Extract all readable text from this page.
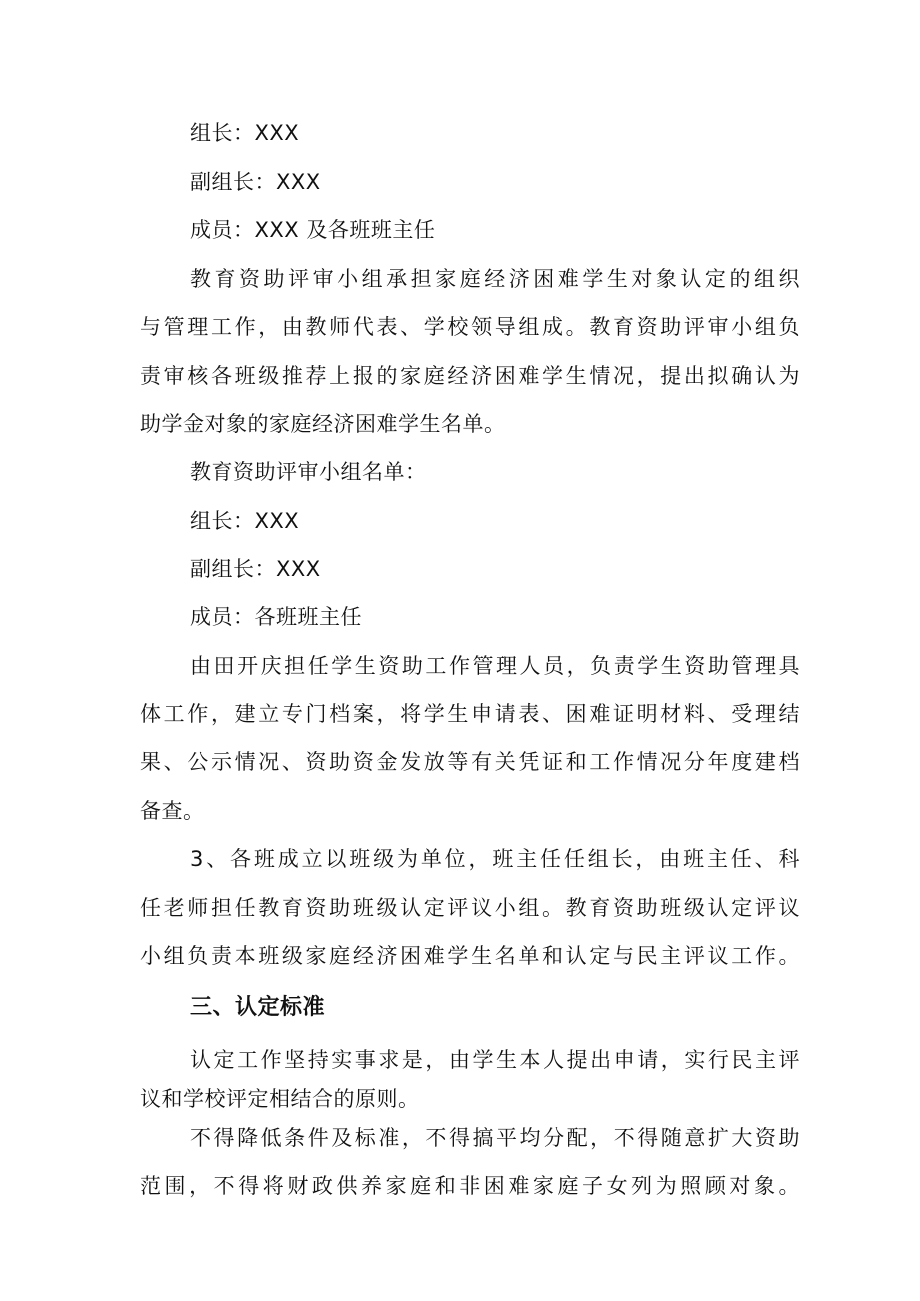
组长：XXX
副组长：XXX
成员：XXX 及各班班主任
教育资助评审小组承担家庭经济困难学生对象认定的组织
与管理工作，由教师代表、学校领导组成。教育资助评审小组负
责审核各班级推荐上报的家庭经济困难学生情况，提出拟确认为
助学金对象的家庭经济困难学生名单。
教育资助评审小组名单：
组长：XXX
副组长：XXX
成员：各班班主任
由田开庆担任学生资助工作管理人员，负责学生资助管理具
体工作，建立专门档案，将学生申请表、困难证明材料、受理结
果、公示情况、资助资金发放等有关凭证和工作情况分年度建档
备查。
3、各班成立以班级为单位，班主任任组长，由班主任、科
任老师担任教育资助班级认定评议小组。教育资助班级认定评议
小组负责本班级家庭经济困难学生名单和认定与民主评议工作。
三、认定标准
认定工作坚持实事求是，由学生本人提出申请，实行民主评
议和学校评定相结合的原则。
不得降低条件及标准，不得搞平均分配，不得随意扩大资助
范围，不得将财政供养家庭和非困难家庭子女列为照顾对象。
